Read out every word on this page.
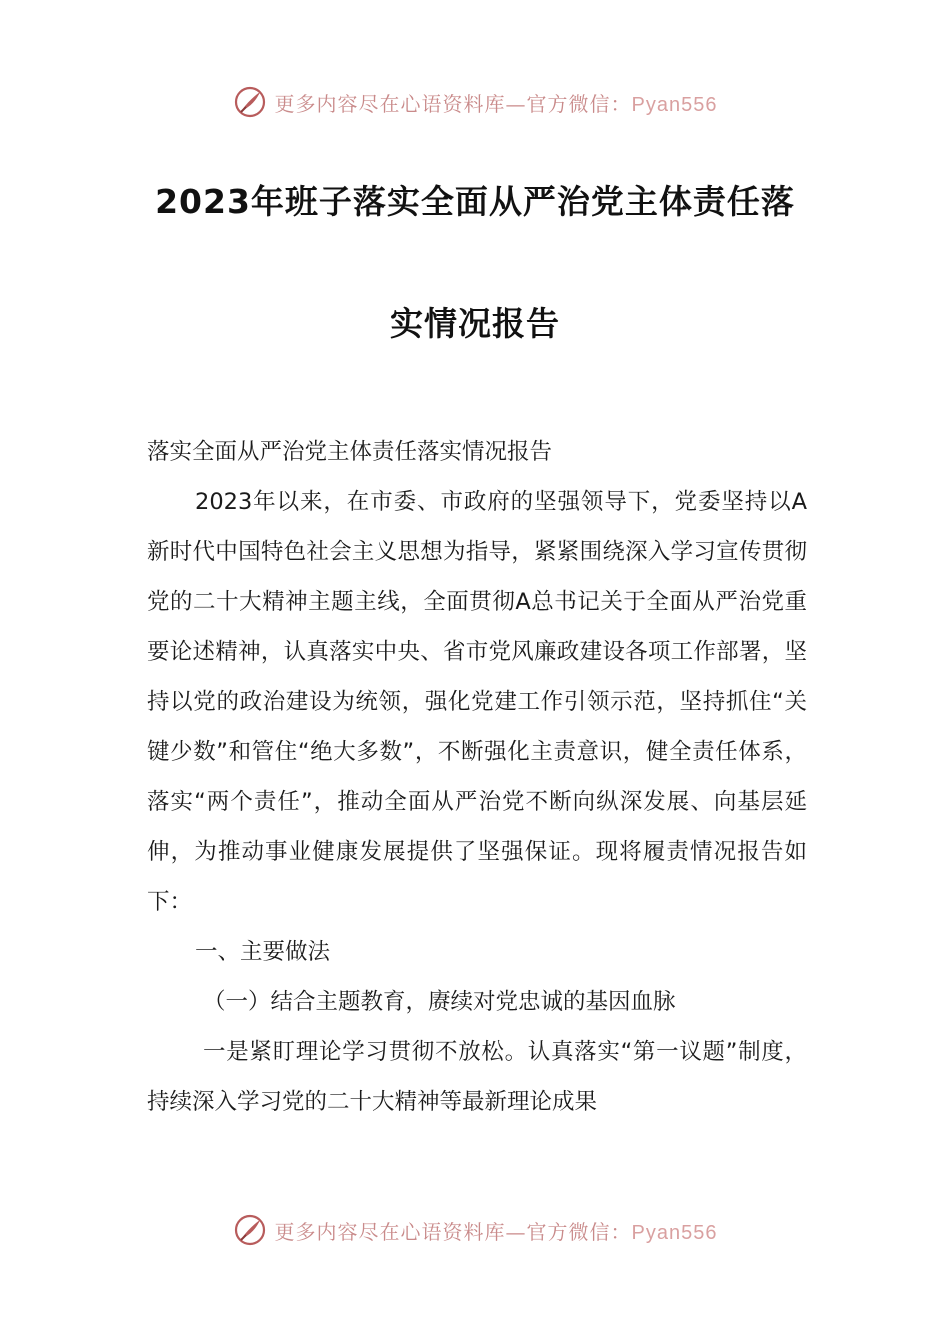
更多内容尽在心语资料库—官方微信：Pyan556
2023年班子落实全面从严治党主体责任落
实情况报告

落实全面从严治党主体责任落实情况报告

2023年以来，在市委、市政府的坚强领导下，党委坚持以A新时代中国特色社会主义思想为指导，紧紧围绕深入学习宣传贯彻党的二十大精神主题主线，全面贯彻A总书记关于全面从严治党重要论述精神，认真落实中央、省市党风廉政建设各项工作部署，坚持以党的政治建设为统领，强化党建工作引领示范，坚持抓住“关键少数”和管住“绝大多数”，不断强化主责意识，健全责任体系，落实“两个责任”，推动全面从严治党不断向纵深发展、向基层延伸，为推动事业健康发展提供了坚强保证。现将履责情况报告如下：

一、主要做法

（一）结合主题教育，赓续对党忠诚的基因血脉

一是紧盯理论学习贯彻不放松。认真落实“第一议题”制度，持续深入学习党的二十大精神等最新理论成果

更多内容尽在心语资料库—官方微信：Pyan556
